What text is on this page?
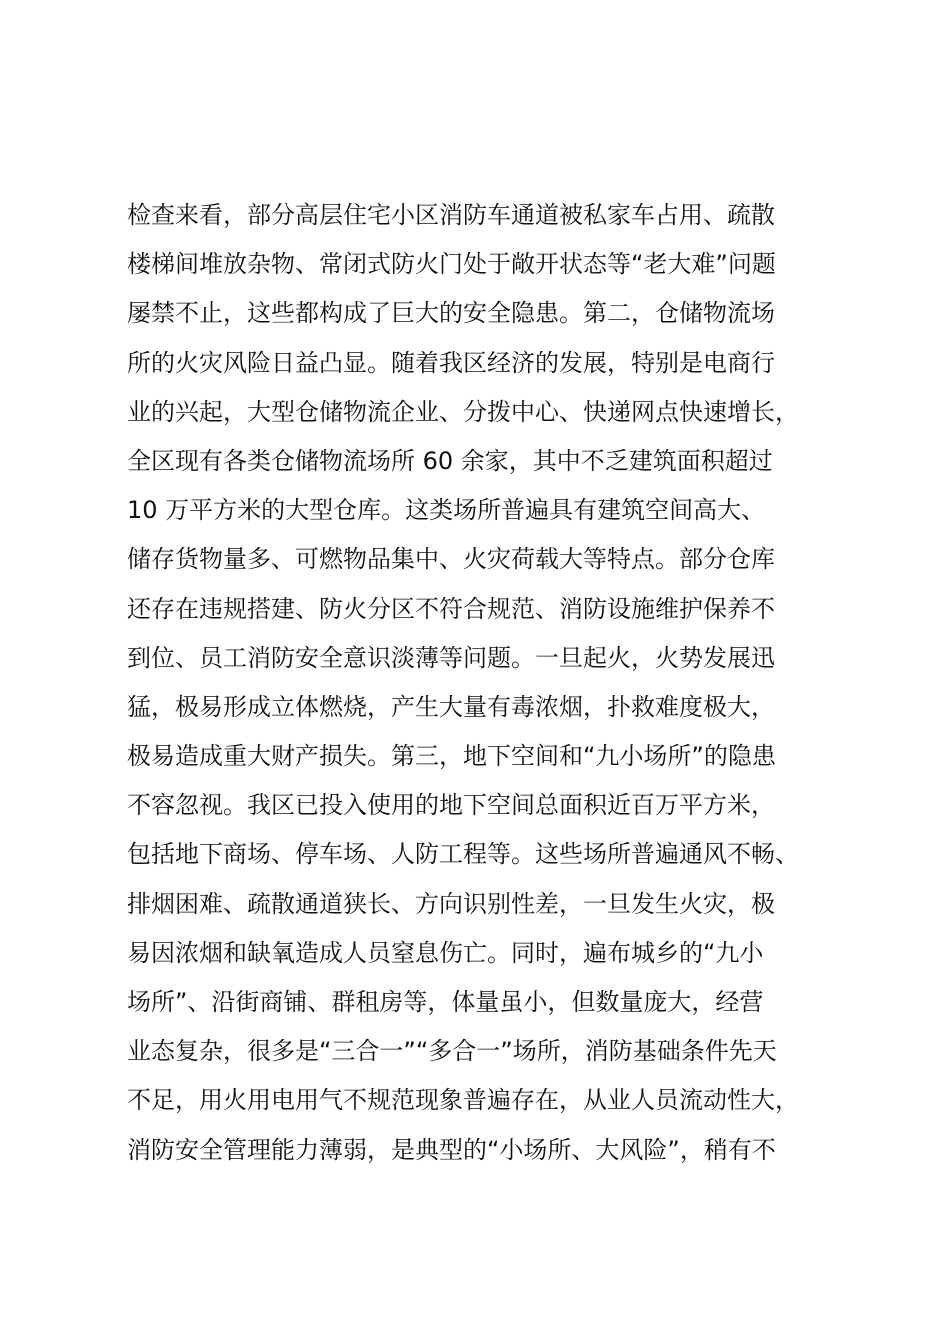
检查来看，部分高层住宅小区消防车通道被私家车占用、疏散
楼梯间堆放杂物、常闭式防火门处于敞开状态等“老大难”问题
屡禁不止，这些都构成了巨大的安全隐患。第二，仓储物流场
所的火灾风险日益凸显。随着我区经济的发展，特别是电商行
业的兴起，大型仓储物流企业、分拨中心、快递网点快速增长，
全区现有各类仓储物流场所 60 余家，其中不乏建筑面积超过
10 万平方米的大型仓库。这类场所普遍具有建筑空间高大、
储存货物量多、可燃物品集中、火灾荷载大等特点。部分仓库
还存在违规搭建、防火分区不符合规范、消防设施维护保养不
到位、员工消防安全意识淡薄等问题。一旦起火，火势发展迅
猛，极易形成立体燃烧，产生大量有毒浓烟，扑救难度极大，
极易造成重大财产损失。第三，地下空间和“九小场所”的隐患
不容忽视。我区已投入使用的地下空间总面积近百万平方米，
包括地下商场、停车场、人防工程等。这些场所普遍通风不畅、
排烟困难、疏散通道狭长、方向识别性差，一旦发生火灾，极
易因浓烟和缺氧造成人员窒息伤亡。同时，遍布城乡的“九小
场所”、沿街商铺、群租房等，体量虽小，但数量庞大，经营
业态复杂，很多是“三合一”“多合一”场所，消防基础条件先天
不足，用火用电用气不规范现象普遍存在，从业人员流动性大，
消防安全管理能力薄弱，是典型的“小场所、大风险”，稍有不
